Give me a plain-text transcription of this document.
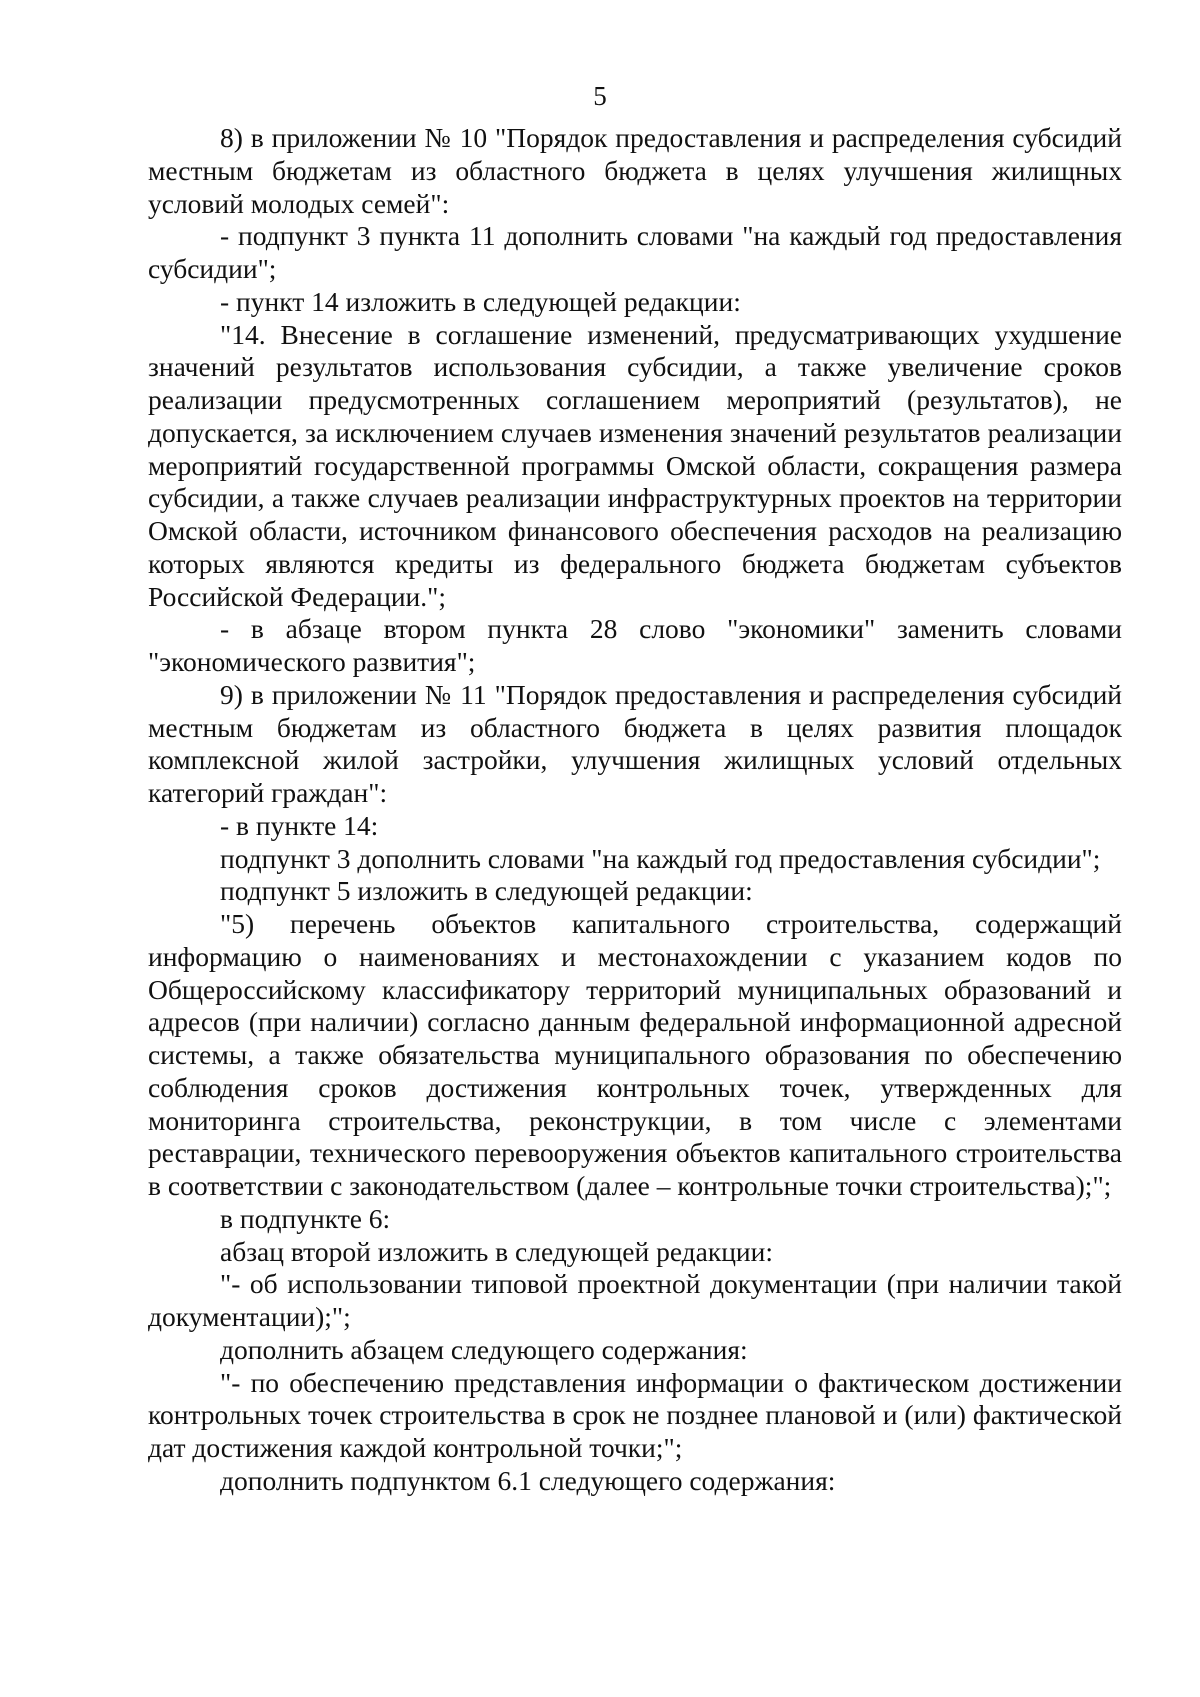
5

8) в приложении № 10 "Порядок предоставления и распределения субсидий местным бюджетам из областного бюджета в целях улучшения жилищных условий молодых семей":

- подпункт 3 пункта 11 дополнить словами "на каждый год предоставления субсидии";

- пункт 14 изложить в следующей редакции:

"14. Внесение в соглашение изменений, предусматривающих ухудшение значений результатов использования субсидии, а также увеличение сроков реализации предусмотренных соглашением мероприятий (результатов), не допускается, за исключением случаев изменения значений результатов реализации мероприятий государственной программы Омской области, сокращения размера субсидии, а также случаев реализации инфраструктурных проектов на территории Омской области, источником финансового обеспечения расходов на реализацию которых являются кредиты из федерального бюджета бюджетам субъектов Российской Федерации.";

- в абзаце втором пункта 28 слово "экономики" заменить словами "экономического развития";

9) в приложении № 11 "Порядок предоставления и распределения субсидий местным бюджетам из областного бюджета в целях развития площадок комплексной жилой застройки, улучшения жилищных условий отдельных категорий граждан":

- в пункте 14:

подпункт 3 дополнить словами "на каждый год предоставления субсидии";

подпункт 5 изложить в следующей редакции:

"5) перечень объектов капитального строительства, содержащий информацию о наименованиях и местонахождении с указанием кодов по Общероссийскому классификатору территорий муниципальных образований и адресов (при наличии) согласно данным федеральной информационной адресной системы, а также обязательства муниципального образования по обеспечению соблюдения сроков достижения контрольных точек, утвержденных для мониторинга строительства, реконструкции, в том числе с элементами реставрации, технического перевооружения объектов капитального строительства в соответствии с законодательством (далее – контрольные точки строительства);";

в подпункте 6:

абзац второй изложить в следующей редакции:

"- об использовании типовой проектной документации (при наличии такой документации);";

дополнить абзацем следующего содержания:

"- по обеспечению представления информации о фактическом достижении контрольных точек строительства в срок не позднее плановой и (или) фактической дат достижения каждой контрольной точки;";

дополнить подпунктом 6.1 следующего содержания:
